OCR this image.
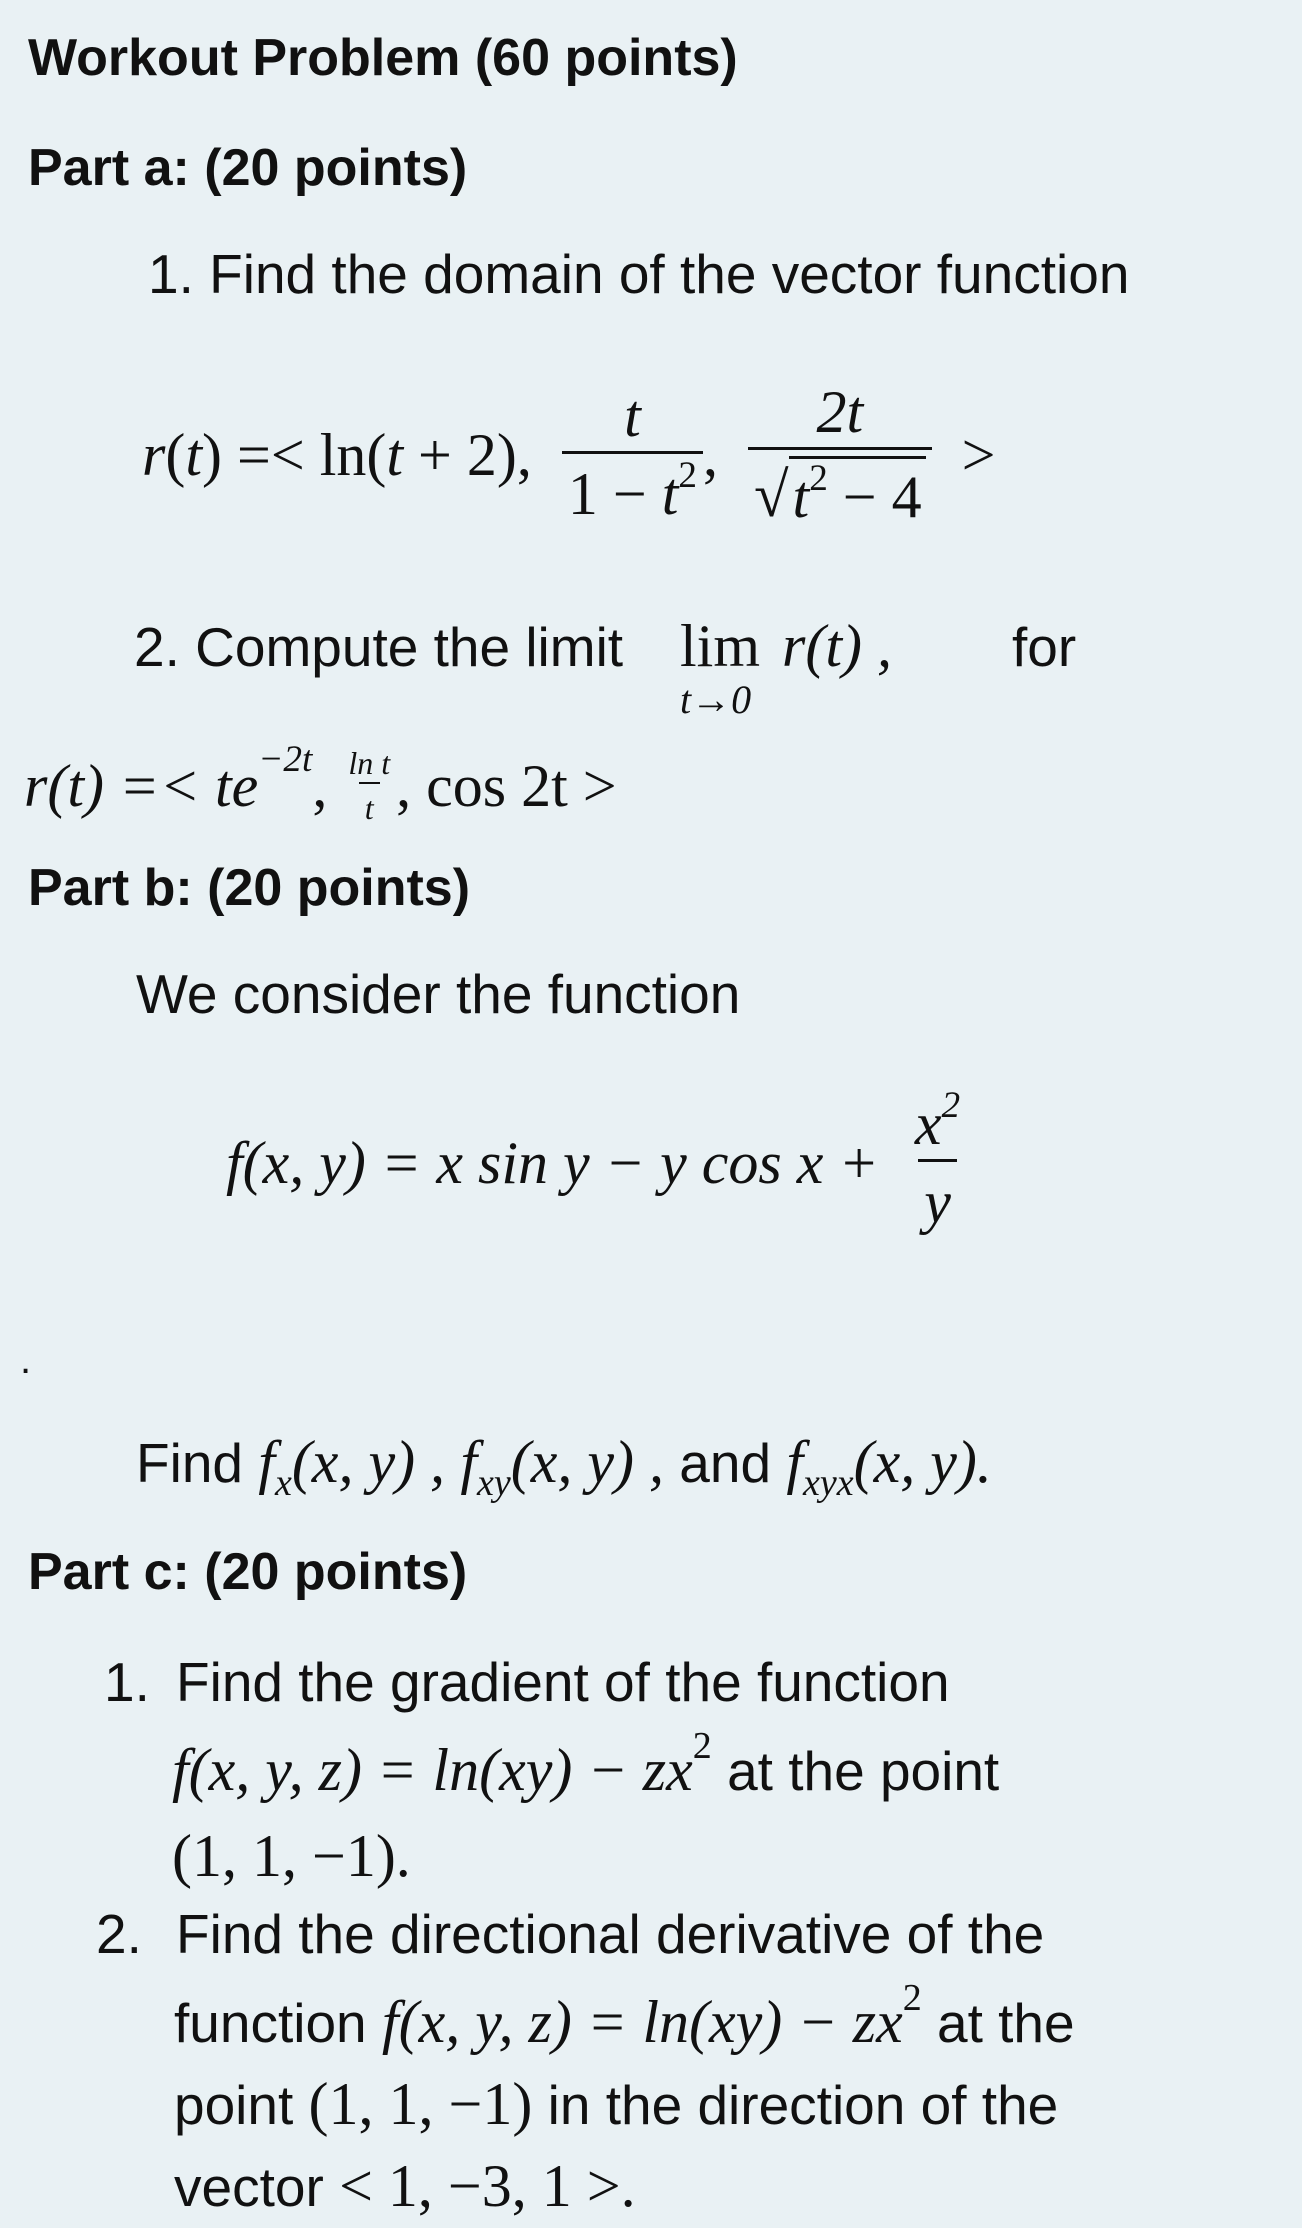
Workout Problem (60 points)
Part a: (20 points)
1. Find the domain of the vector function
r ( t ) =<
ln( t
+ 2),
$\frac{t}{1 - t^2}$ ,
$\frac{2t}{√ t^2 - 4}$
>
2. Compute the limit lim
t→0
r(t) , for
r(t) =<
te −2t , $\frac{\text{ln t}}{t}$ , cos 2t >
Part b: (20 points)
We consider the function
f(x, y) = x sin y − y cos x +
$\frac{x^2}{y}$
.
Find
f x (x, y) ,
f xy (x, y) ,
and
f xyx (x, y).
Part c: (20 points)
1. Find the gradient of the function
f(x, y, z) = ln(xy) − zx 2
at the point
(1, 1, −1).
2. Find the directional derivative of the
function
f(x, y, z) = ln(xy) − zx 2
at the
point
(1, 1, −1)
in the direction of the
vector
< 1, −3, 1 >.
